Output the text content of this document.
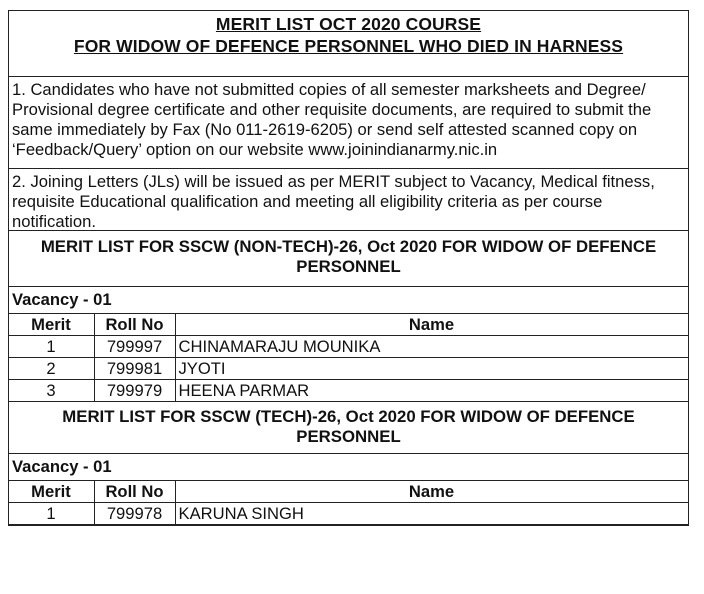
MERIT LIST OCT 2020 COURSE
FOR WIDOW OF DEFENCE PERSONNEL WHO DIED IN HARNESS
1. Candidates who have not submitted copies of all semester marksheets and Degree/ Provisional degree certificate and other requisite documents, are required to submit the same immediately by Fax (No 011-2619-6205) or send self attested scanned copy on ‘Feedback/Query’ option on our website www.joinindianarmy.nic.in
2. Joining Letters (JLs) will be issued as per MERIT subject to Vacancy, Medical fitness, requisite Educational qualification and meeting all eligibility criteria as per course notification.
MERIT LIST FOR SSCW (NON-TECH)-26, Oct 2020 FOR WIDOW OF DEFENCE PERSONNEL
Vacancy - 01
Merit	Roll No	Name
1	799997	CHINAMARAJU MOUNIKA
2	799981	JYOTI
3	799979	HEENA PARMAR
MERIT LIST FOR SSCW (TECH)-26, Oct 2020 FOR WIDOW OF DEFENCE PERSONNEL
Vacancy - 01
Merit	Roll No	Name
1	799978	KARUNA SINGH
